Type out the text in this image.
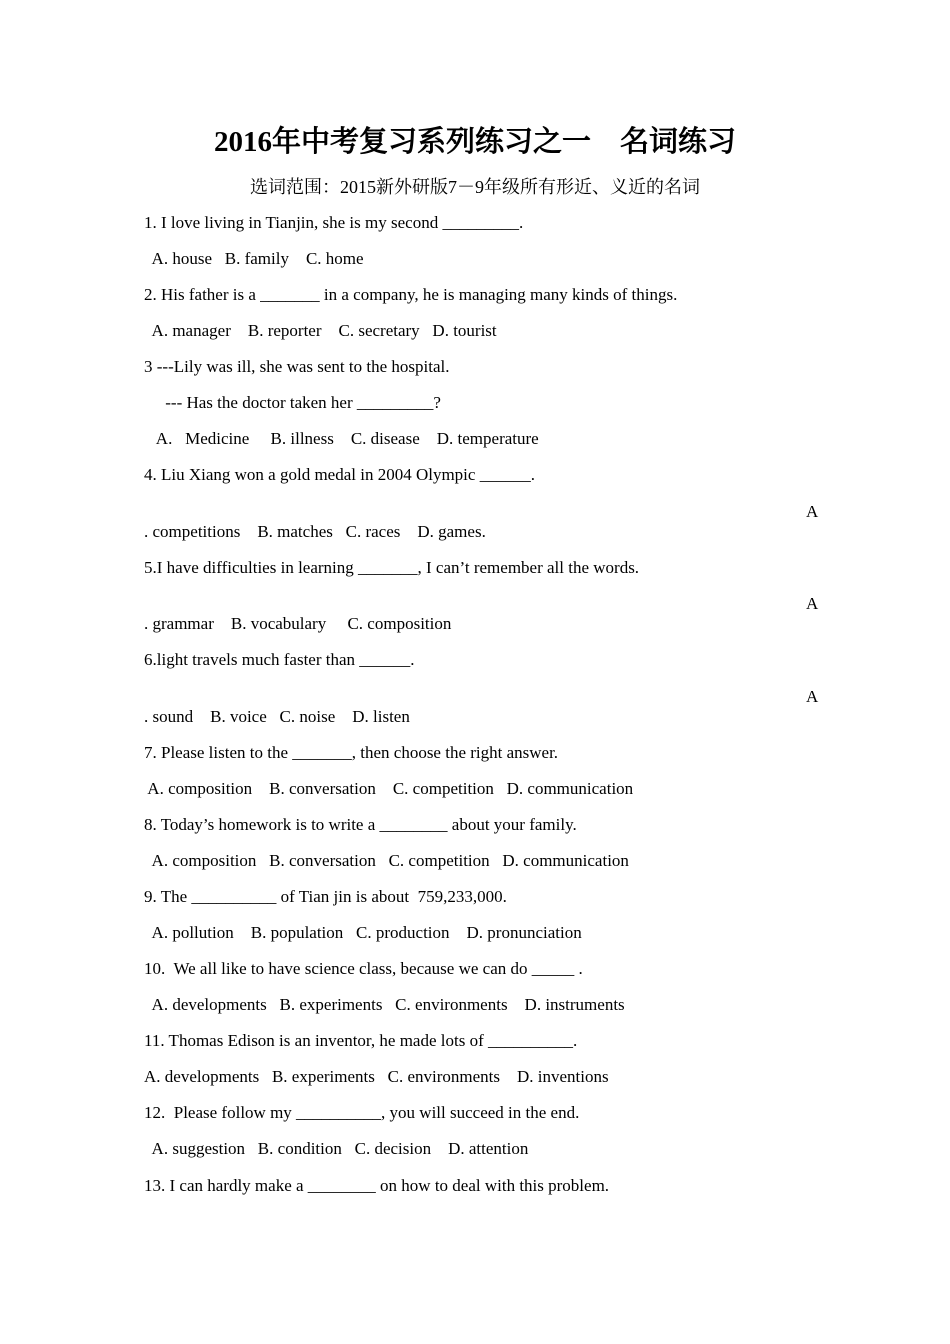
2016年中考复习系列练习之一　名词练习
选词范围：2015新外研版7－9年级所有形近、义近的名词
1. I love living in Tianjin, she is my second _________.
A. house   B. family    C. home
2. His father is a _______ in a company, he is managing many kinds of things.
A. manager    B. reporter    C. secretary   D. tourist
3 ---Lily was ill, she was sent to the hospital.
--- Has the doctor taken her _________?
A.   Medicine     B. illness    C. disease    D. temperature
4. Liu Xiang won a gold medal in 2004 Olympic ______.
A
. competitions    B. matches   C. races    D. games.
5.I have difficulties in learning _______, I can’t remember all the words.
A
. grammar    B. vocabulary     C. composition
6.light travels much faster than ______.
A
. sound    B. voice   C. noise    D. listen
7. Please listen to the _______, then choose the right answer.
A. composition    B. conversation    C. competition   D. communication
8. Today’s homework is to write a ________ about your family.
A. composition   B. conversation   C. competition   D. communication
9. The __________ of Tian jin is about  759,233,000.
A. pollution    B. population   C. production    D. pronunciation
10.  We all like to have science class, because we can do _____ .
A. developments   B. experiments   C. environments    D. instruments
11. Thomas Edison is an inventor, he made lots of __________.
A. developments   B. experiments   C. environments    D. inventions
12.  Please follow my __________, you will succeed in the end.
A. suggestion   B. condition   C. decision    D. attention
13. I can hardly make a ________ on how to deal with this problem.
